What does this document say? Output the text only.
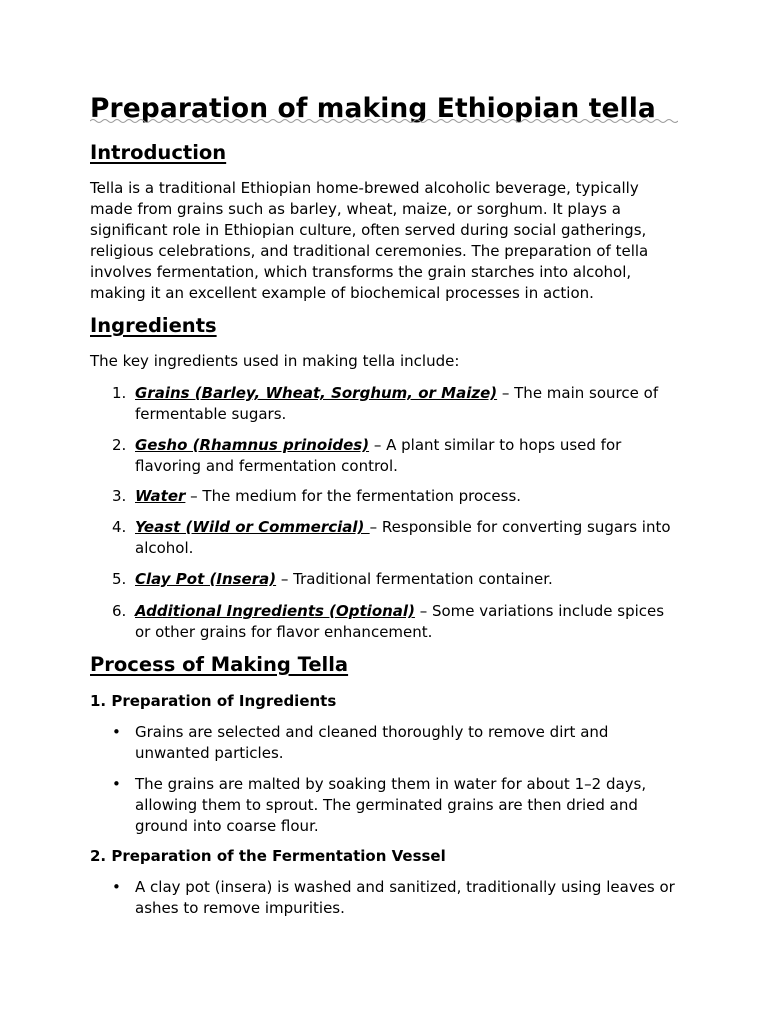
Preparation of making Ethiopian tella
Introduction

Tella is a traditional Ethiopian home-brewed alcoholic beverage, typically made from grains such as barley, wheat, maize, or sorghum. It plays a significant role in Ethiopian culture, often served during social gatherings, religious celebrations, and traditional ceremonies. The preparation of tella involves fermentation, which transforms the grain starches into alcohol, making it an excellent example of biochemical processes in action.

Ingredients

The key ingredients used in making tella include:

1. Grains (Barley, Wheat, Sorghum, or Maize) – The main source of fermentable sugars.
2. Gesho (Rhamnus prinoides) – A plant similar to hops used for flavoring and fermentation control.
3. Water – The medium for the fermentation process.
4. Yeast (Wild or Commercial) – Responsible for converting sugars into alcohol.
5. Clay Pot (Insera) – Traditional fermentation container.
6. Additional Ingredients (Optional) – Some variations include spices or other grains for flavor enhancement.
Process of Making Tella
1. Preparation of Ingredients
• Grains are selected and cleaned thoroughly to remove dirt and unwanted particles.
• The grains are malted by soaking them in water for about 1–2 days, allowing them to sprout. The germinated grains are then dried and ground into coarse flour.
2. Preparation of the Fermentation Vessel
• A clay pot (insera) is washed and sanitized, traditionally using leaves or ashes to remove impurities.
